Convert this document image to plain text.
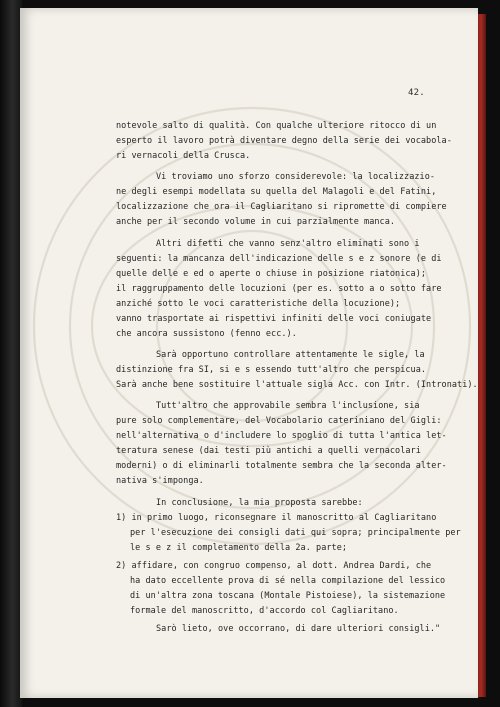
42.
notevole salto di qualità. Con qualche ulteriore ritocco di un
esperto il lavoro potrà diventare degno della serie dei vocabola-
ri vernacoli della Crusca.
Vi troviamo uno sforzo considerevole: la localizzazio-
ne degli esempi modellata su quella del Malagoli e del Fatini,
localizzazione che ora il Cagliaritano si ripromette di compiere
anche per il secondo volume in cui parzialmente manca.
Altri difetti che vanno senz'altro eliminati sono i
seguenti: la mancanza dell'indicazione delle s e z sonore (e di
quelle delle e ed o aperte o chiuse in posizione riatonica);
il raggruppamento delle locuzioni (per es. sotto a o sotto fare
anziché sotto le voci caratteristiche della locuzione);
vanno trasportate ai rispettivi infiniti delle voci coniugate
che ancora sussistono (fenno ecc.).
Sarà opportuno controllare attentamente le sigle, la
distinzione fra SI, si e s essendo tutt'altro che perspicua.
Sarà anche bene sostituire l'attuale sigla Acc. con Intr. (Intronati).
Tutt'altro che approvabile sembra l'inclusione, sia
pure solo complementare, del Vocabolario cateriniano del Gigli:
nell'alternativa o d'includere lo spoglio di tutta l'antica let-
teratura senese (dai testi più antichi a quelli vernacolari
moderni) o di eliminarli totalmente sembra che la seconda alter-
nativa s'imponga.
In conclusione, la mia proposta sarebbe:
1) in primo luogo, riconsegnare il manoscritto al Cagliaritano
per l'esecuzione dei consigli dati qui sopra; principalmente per
le s e z il completamento della 2a. parte;
2) affidare, con congruo compenso, al dott. Andrea Dardi, che
ha dato eccellente prova di sé nella compilazione del lessico
di un'altra zona toscana (Montale Pistoiese), la sistemazione
formale del manoscritto, d'accordo col Cagliaritano.
Sarò lieto, ove occorrano, di dare ulteriori consigli."
